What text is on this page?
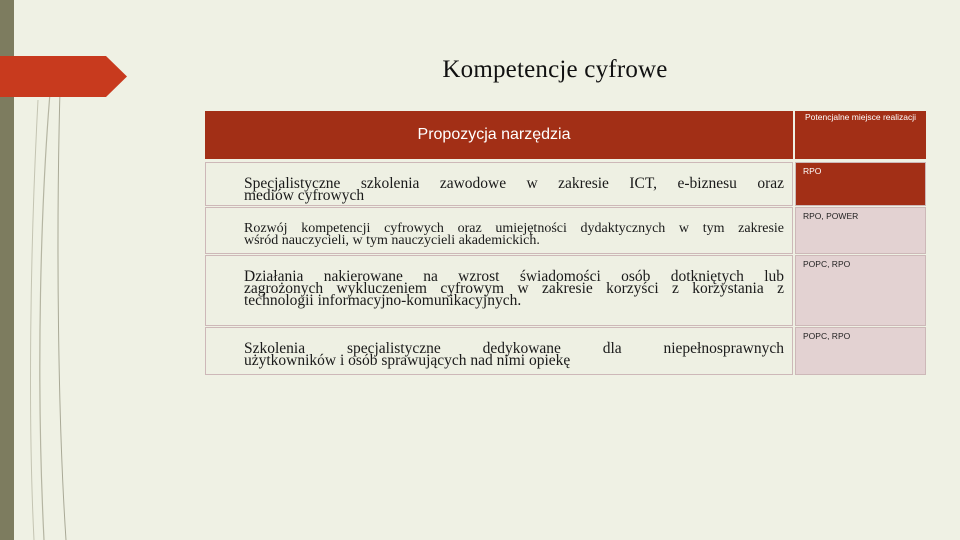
Kompetencje cyfrowe
Propozycja narzędzia
Potencjalne miejsce realizacji
Specjalistyczne szkolenia zawodowe w zakresie ICT, e-biznesu oraz
mediów cyfrowych
RPO
Rozwój kompetencji cyfrowych oraz umiejętności dydaktycznych w tym zakresie
wśród nauczycieli, w tym nauczycieli akademickich.
RPO, POWER
Działania nakierowane na wzrost świadomości osób dotkniętych lub
zagrożonych wykluczeniem cyfrowym w zakresie korzyści z korzystania z
technologii informacyjno-komunikacyjnych.
POPC, RPO
Szkolenia specjalistyczne dedykowane dla niepełnosprawnych
użytkowników i osób sprawujących nad nimi opiekę
POPC, RPO
